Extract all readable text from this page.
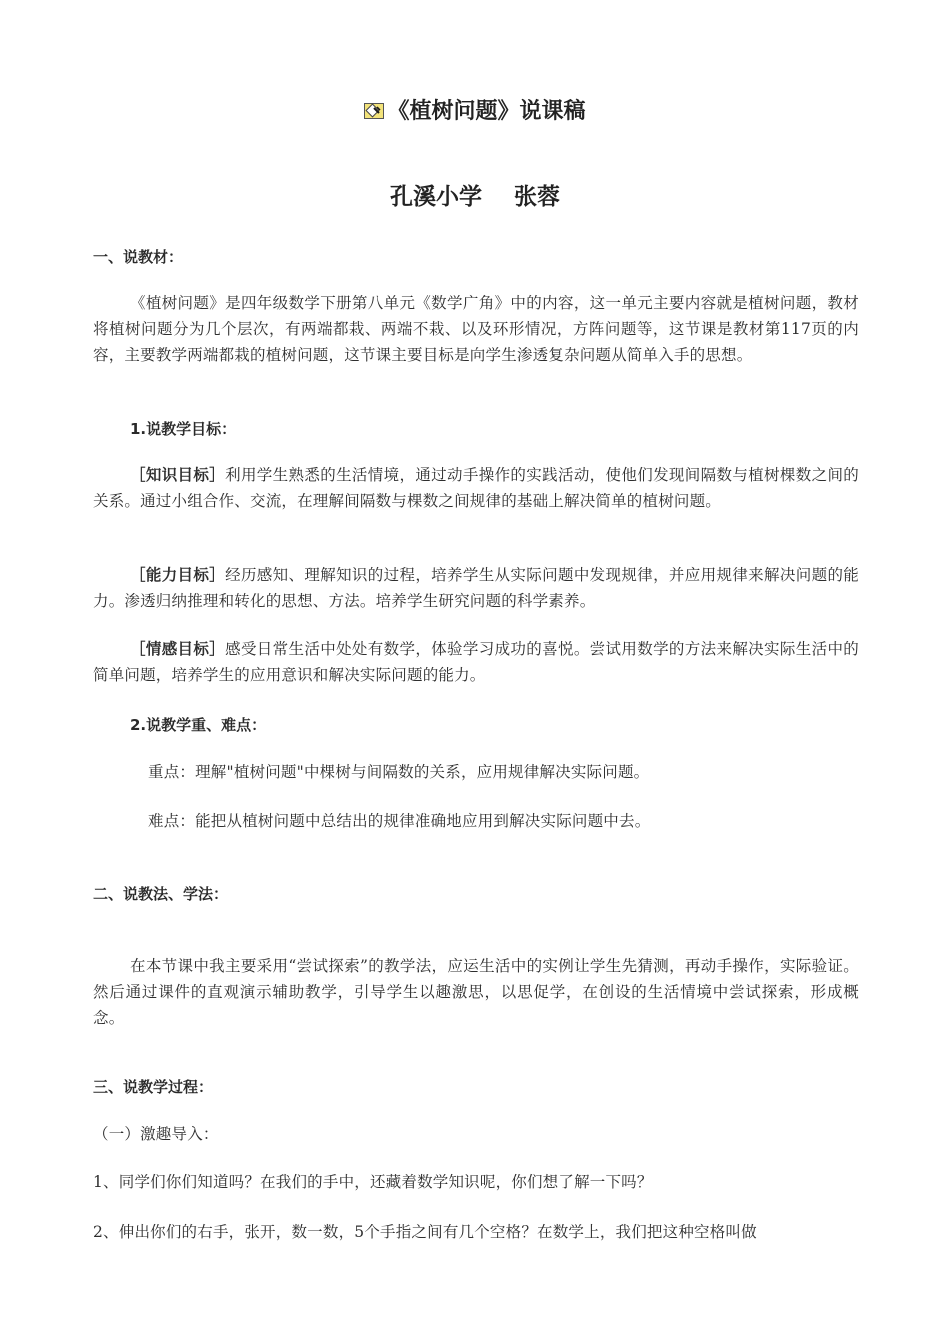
《植树问题》说课稿
孔溪小学 张蓉
一、说教材：
《植树问题》是四年级数学下册第八单元《数学广角》中的内容，这一单元主要内容就是植树问题，教材将植树问题分为几个层次，有两端都栽、两端不栽、以及环形情况，方阵问题等，这节课是教材第117页的内容，主要教学两端都栽的植树问题，这节课主要目标是向学生渗透复杂问题从简单入手的思想。
1.说教学目标：
［知识目标］利用学生熟悉的生活情境，通过动手操作的实践活动，使他们发现间隔数与植树棵数之间的关系。通过小组合作、交流，在理解间隔数与棵数之间规律的基础上解决简单的植树问题。
［能力目标］经历感知、理解知识的过程，培养学生从实际问题中发现规律，并应用规律来解决问题的能力。渗透归纳推理和转化的思想、方法。培养学生研究问题的科学素养。
［情感目标］感受日常生活中处处有数学，体验学习成功的喜悦。尝试用数学的方法来解决实际生活中的简单问题，培养学生的应用意识和解决实际问题的能力。
2.说教学重、难点：
重点：理解"植树问题"中棵树与间隔数的关系，应用规律解决实际问题。
难点：能把从植树问题中总结出的规律准确地应用到解决实际问题中去。
二、说教法、学法：
在本节课中我主要采用“尝试探索”的教学法，应运生活中的实例让学生先猜测，再动手操作，实际验证。然后通过课件的直观演示辅助教学，引导学生以趣激思，以思促学，在创设的生活情境中尝试探索，形成概念。
三、说教学过程：
（一）激趣导入：
1、同学们你们知道吗？在我们的手中，还藏着数学知识呢，你们想了解一下吗？
2、伸出你们的右手，张开，数一数，5个手指之间有几个空格？在数学上，我们把这种空格叫做
